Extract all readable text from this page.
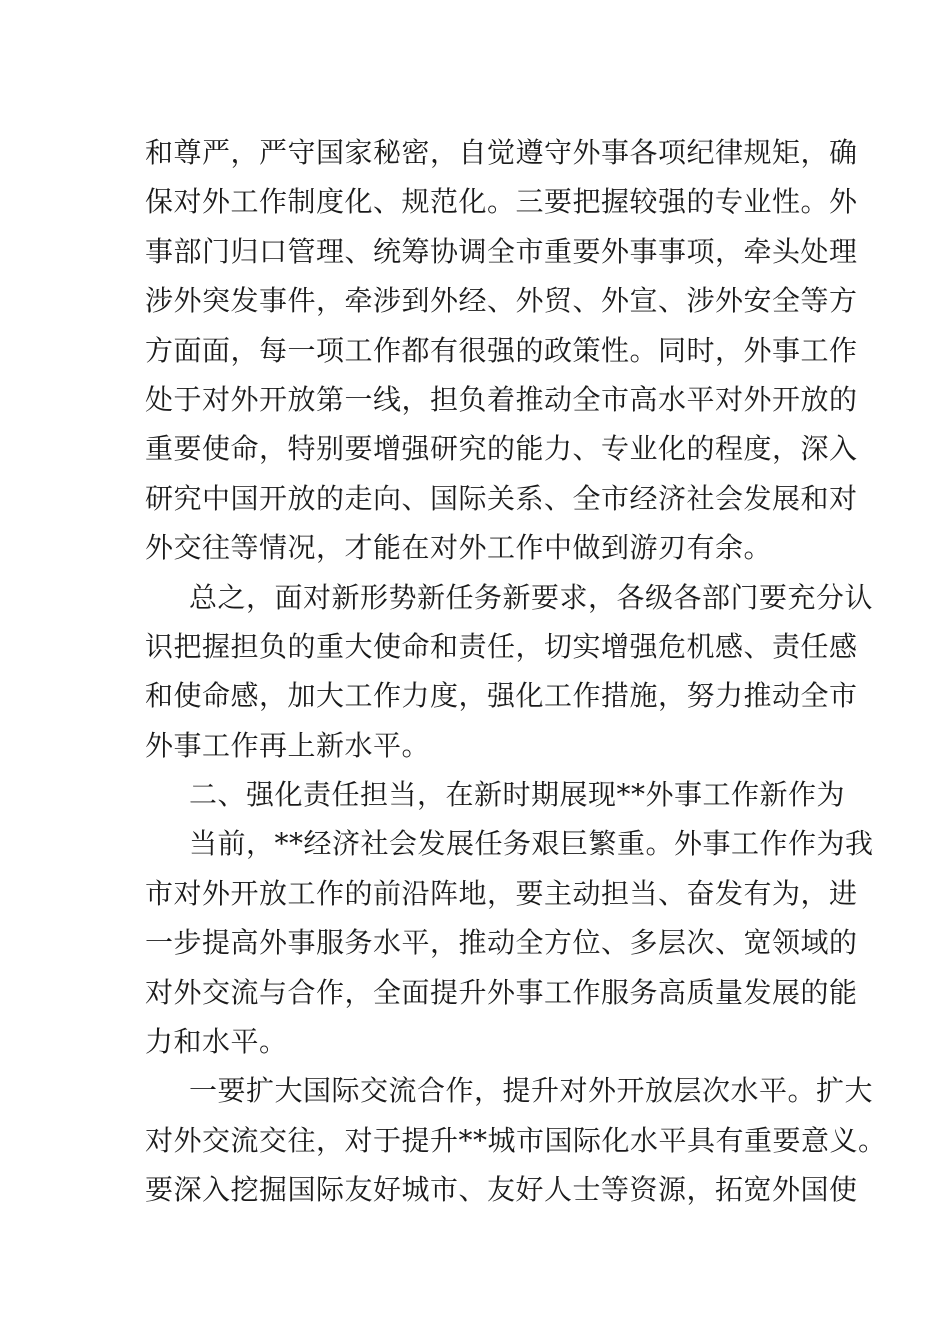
和尊严，严守国家秘密，自觉遵守外事各项纪律规矩，确
保对外工作制度化、规范化。三要把握较强的专业性。外
事部门归口管理、统筹协调全市重要外事事项，牵头处理
涉外突发事件，牵涉到外经、外贸、外宣、涉外安全等方
方面面，每一项工作都有很强的政策性。同时，外事工作
处于对外开放第一线，担负着推动全市高水平对外开放的
重要使命，特别要增强研究的能力、专业化的程度，深入
研究中国开放的走向、国际关系、全市经济社会发展和对
外交往等情况，才能在对外工作中做到游刃有余。
总之，面对新形势新任务新要求，各级各部门要充分认
识把握担负的重大使命和责任，切实增强危机感、责任感
和使命感，加大工作力度，强化工作措施，努力推动全市
外事工作再上新水平。
二、强化责任担当，在新时期展现**外事工作新作为
当前，**经济社会发展任务艰巨繁重。外事工作作为我
市对外开放工作的前沿阵地，要主动担当、奋发有为，进
一步提高外事服务水平，推动全方位、多层次、宽领域的
对外交流与合作，全面提升外事工作服务高质量发展的能
力和水平。
一要扩大国际交流合作，提升对外开放层次水平。扩大
对外交流交往，对于提升**城市国际化水平具有重要意义。
要深入挖掘国际友好城市、友好人士等资源，拓宽外国使
